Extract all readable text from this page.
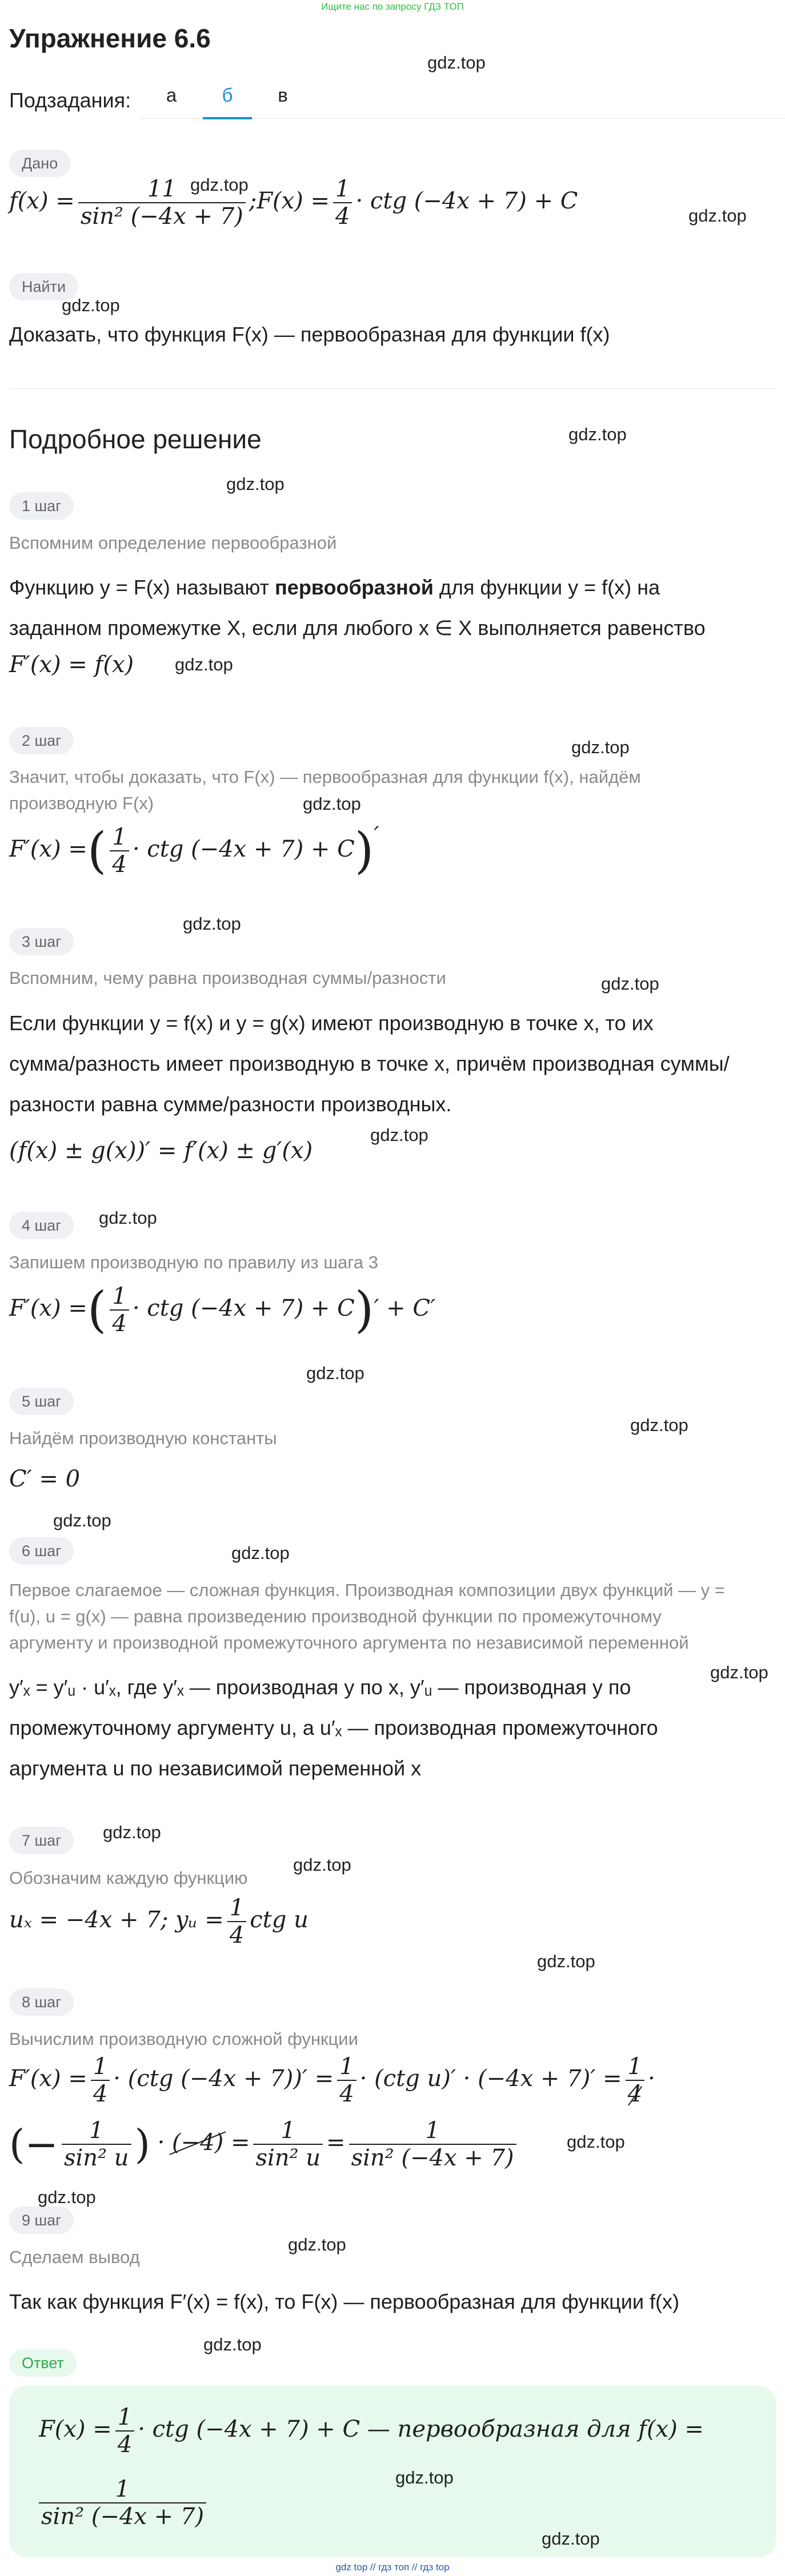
Ищите нас по запросу ГДЗ ТОП
Упражнение 6.6
Подзадания:	а	б	в
Дано
$f(x) = \frac{11}{\text{sin² (−4x + 7)}}$ ;F(x) = $\frac{1}{4}$ · ctg (−4x + 7) + C
Найти
Доказать, что функция F(x) — первообразная для функции f(x)
Подробное решение
1 шаг
Вспомним определение первообразной
Функцию y = F(x) называют первообразной для функции y = f(x) на
заданном промежутке X, если для любого x ∈ X выполняется равенство
F′(x) = f(x)
2 шаг
Значит, чтобы доказать, что F(x) — первообразная для функции f(x), найдём
производную F(x)
F′(x) =( $\frac{1}{4}$ · ctg (−4x + 7) + C)′
3 шаг
Вспомним, чему равна производная суммы/разности
Если функции y = f(x) и y = g(x) имеют производную в точке x, то их
сумма/разность имеет производную в точке x, причём производная суммы/
разности равна сумме/разности производных.
(f(x) ± g(x))′ = f′(x) ± g′(x)
4 шаг
Запишем производную по правилу из шага 3
F′(x) =( $\frac{1}{4}$ · ctg (−4x + 7) + C)′ + C′
5 шаг
Найдём производную константы
C′ = 0
6 шаг
Первое слагаемое — сложная функция. Производная композиции двух функций — y =
f(u), u = g(x) — равна произведению производной функции по промежуточному
аргументу и производной промежуточного аргумента по независимой переменной
y′ₓ = y′ᵤ · u′ₓ, где y′ₓ — производная y по x, y′ᵤ — производная y по
промежуточному аргументу u, а u′ₓ — производная промежуточного
аргумента u по независимой переменной x
7 шаг
Обозначим каждую функцию
uₓ = −4x + 7; yᵤ = $\frac{1}{4}$ ctg u
8 шаг
Вычислим производную сложной функции
$F'(x) = \frac{1}{4} \cdot (ctg$ $(-4x + 7))' = \frac{1}{4} \cdot (ctg$ $u)' \cdot (-4x + 7)' = \frac{1}{4}$ ·
(− $\frac{1}{\text{sin² u}}$ ) · $(-4) = \frac{1}{\text{sin² u}} = \frac{1}{\text{sin² (−4x + 7)}}$
9 шаг
Сделаем вывод
Так как функция F′(x) = f(x), то F(x) — первообразная для функции f(x)
Ответ
$F(x) = \frac{1}{4}$ · ctg (−4x + 7) + C — первообразная для f(x) =
$\frac{1}{\text{sin² (−4x + 7)}}$
gdz top // гдз топ // гдз top
gdz.top
gdz.top
gdz.top
gdz.top
gdz.top
gdz.top
gdz.top
gdz.top
gdz.top
gdz.top
gdz.top
gdz.top
gdz.top
gdz.top
gdz.top
gdz.top
gdz.top
gdz.top
gdz.top
gdz.top
gdz.top
gdz.top
gdz.top
gdz.top
gdz.top
gdz.top
gdz.top
